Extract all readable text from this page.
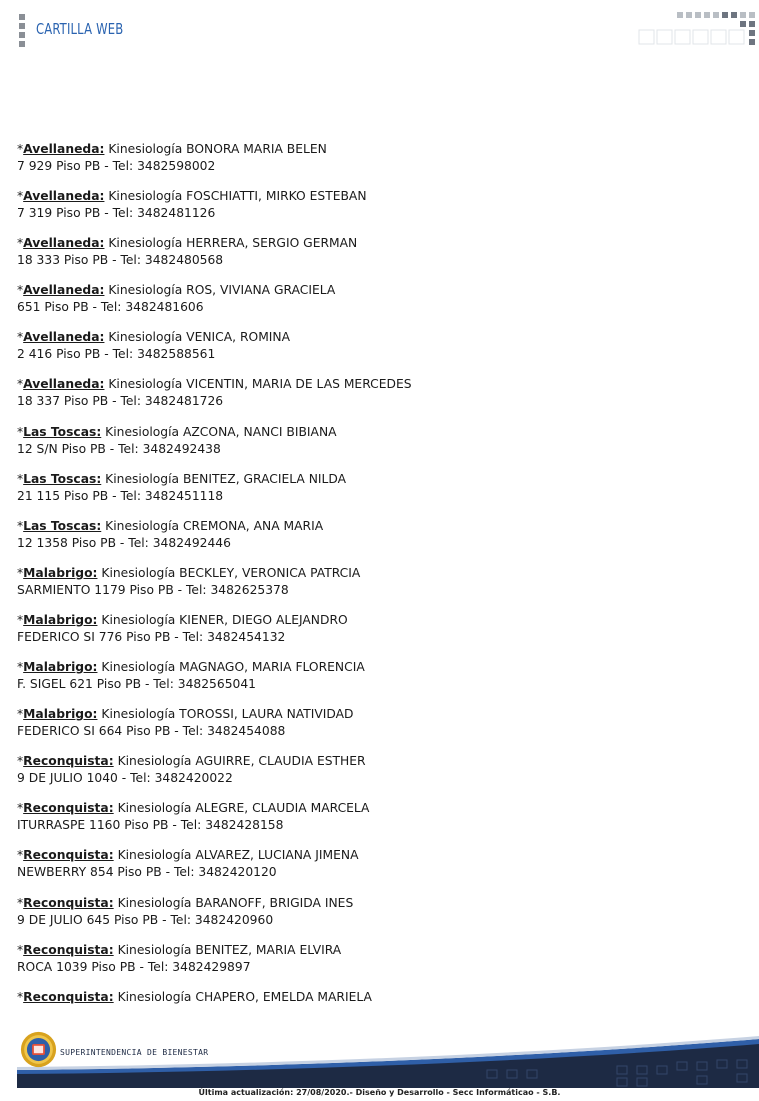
CARTILLA WEB
*Avellaneda: Kinesiología BONORA MARIA BELEN
7 929 Piso PB - Tel: 3482598002
*Avellaneda: Kinesiología FOSCHIATTI, MIRKO ESTEBAN
7 319 Piso PB - Tel: 3482481126
*Avellaneda: Kinesiología HERRERA, SERGIO GERMAN
18 333 Piso PB - Tel: 3482480568
*Avellaneda: Kinesiología ROS, VIVIANA GRACIELA
651 Piso PB - Tel: 3482481606
*Avellaneda: Kinesiología VENICA, ROMINA
2 416 Piso PB - Tel: 3482588561
*Avellaneda: Kinesiología VICENTIN, MARIA DE LAS MERCEDES
18 337 Piso PB - Tel: 3482481726
*Las Toscas: Kinesiología AZCONA, NANCI BIBIANA
12 S/N Piso PB - Tel: 3482492438
*Las Toscas: Kinesiología BENITEZ, GRACIELA NILDA
21 115 Piso PB - Tel: 3482451118
*Las Toscas: Kinesiología CREMONA, ANA MARIA
12 1358 Piso PB - Tel: 3482492446
*Malabrigo: Kinesiología BECKLEY, VERONICA PATRCIA
SARMIENTO 1179 Piso PB - Tel: 3482625378
*Malabrigo: Kinesiología KIENER, DIEGO ALEJANDRO
FEDERICO SI 776 Piso PB - Tel: 3482454132
*Malabrigo: Kinesiología MAGNAGO, MARIA FLORENCIA
F. SIGEL 621 Piso PB - Tel: 3482565041
*Malabrigo: Kinesiología TOROSSI, LAURA NATIVIDAD
FEDERICO SI 664 Piso PB - Tel: 3482454088
*Reconquista: Kinesiología AGUIRRE, CLAUDIA ESTHER
9 DE JULIO 1040 - Tel: 3482420022
*Reconquista: Kinesiología ALEGRE, CLAUDIA MARCELA
ITURRASPE 1160 Piso PB - Tel: 3482428158
*Reconquista: Kinesiología ALVAREZ, LUCIANA JIMENA
NEWBERRY 854 Piso PB - Tel: 3482420120
*Reconquista: Kinesiología BARANOFF, BRIGIDA INES
9 DE JULIO 645 Piso PB - Tel: 3482420960
*Reconquista: Kinesiología BENITEZ, MARIA ELVIRA
ROCA 1039 Piso PB - Tel: 3482429897
*Reconquista: Kinesiología CHAPERO, EMELDA MARIELA
SUPERINTENDENCIA DE BIENESTAR
Última actualización: 27/08/2020.- Diseño y Desarrollo - Secc Informáticao - S.B.
